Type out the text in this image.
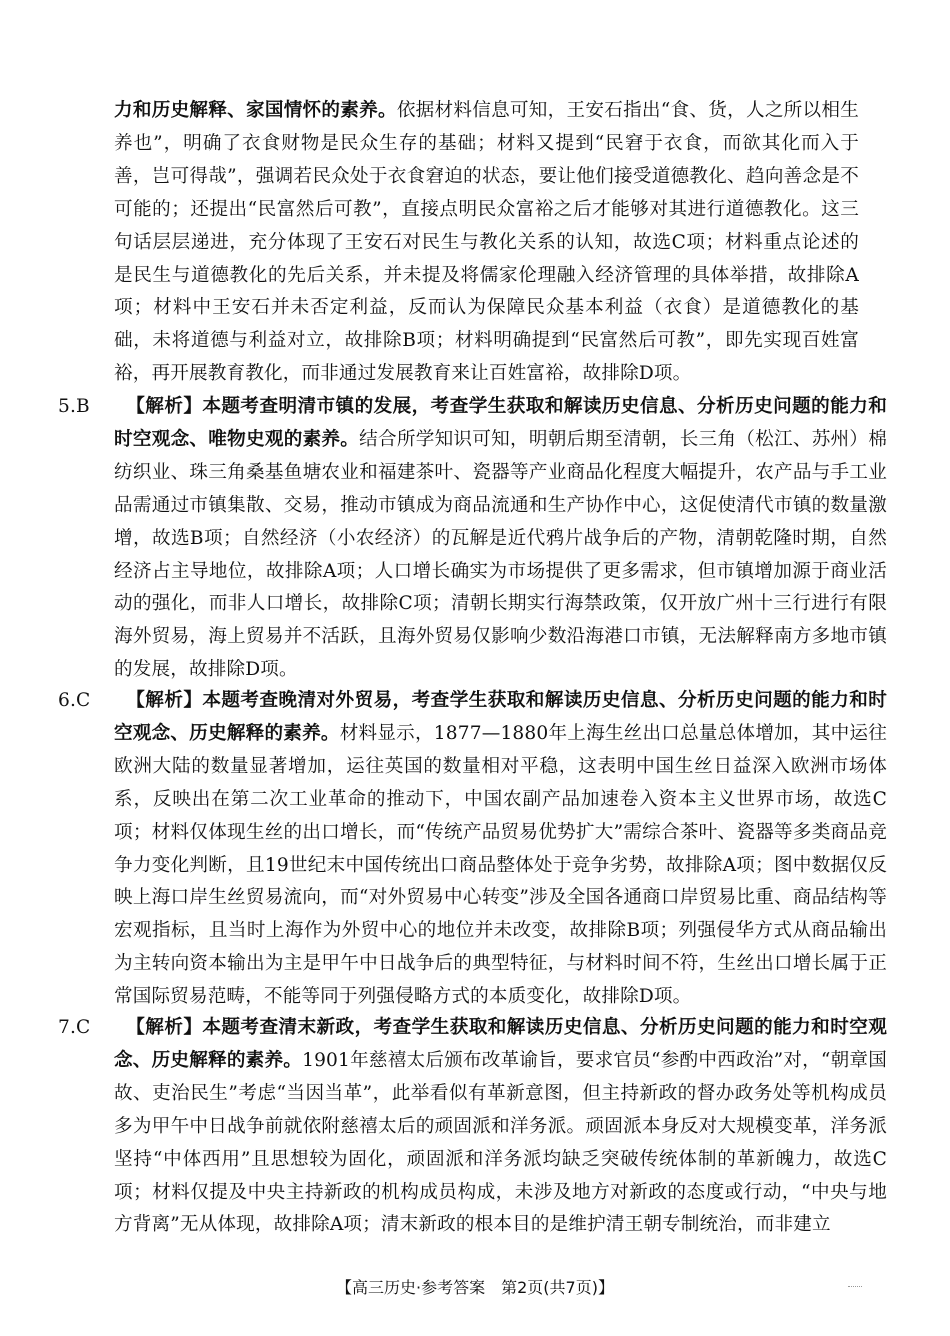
力和历史解释、家国情怀的素养。依据材料信息可知，王安石指出“食、货，人之所以相生养也”，明确了衣食财物是民众生存的基础；材料又提到“民窘于衣食，而欲其化而入于善，岂可得哉”，强调若民众处于衣食窘迫的状态，要让他们接受道德教化、趋向善念是不可能的；还提出“民富然后可教”，直接点明民众富裕之后才能够对其进行道德教化。这三句话层层递进，充分体现了王安石对民生与教化关系的认知，故选C项；材料重点论述的是民生与道德教化的先后关系，并未提及将儒家伦理融入经济管理的具体举措，故排除A项；材料中王安石并未否定利益，反而认为保障民众基本利益（衣食）是道德教化的基础，未将道德与利益对立，故排除B项；材料明确提到“民富然后可教”，即先实现百姓富裕，再开展教育教化，而非通过发展教育来让百姓富裕，故排除D项。
5.B 【解析】本题考查明清市镇的发展，考查学生获取和解读历史信息、分析历史问题的能力和时空观念、唯物史观的素养。结合所学知识可知，明朝后期至清朝，长三角（松江、苏州）棉纺织业、珠三角桑基鱼塘农业和福建茶叶、瓷器等产业商品化程度大幅提升，农产品与手工业品需通过市镇集散、交易，推动市镇成为商品流通和生产协作中心，这促使清代市镇的数量激增，故选B项；自然经济（小农经济）的瓦解是近代鸦片战争后的产物，清朝乾隆时期，自然经济占主导地位，故排除A项；人口增长确实为市场提供了更多需求，但市镇增加源于商业活动的强化，而非人口增长，故排除C项；清朝长期实行海禁政策，仅开放广州十三行进行有限海外贸易，海上贸易并不活跃，且海外贸易仅影响少数沿海港口市镇，无法解释南方多地市镇的发展，故排除D项。
6.C 【解析】本题考查晚清对外贸易，考查学生获取和解读历史信息、分析历史问题的能力和时空观念、历史解释的素养。材料显示，1877—1880年上海生丝出口总量总体增加，其中运往欧洲大陆的数量显著增加，运往英国的数量相对平稳，这表明中国生丝日益深入欧洲市场体系，反映出在第二次工业革命的推动下，中国农副产品加速卷入资本主义世界市场，故选C项；材料仅体现生丝的出口增长，而“传统产品贸易优势扩大”需综合茶叶、瓷器等多类商品竞争力变化判断，且19世纪末中国传统出口商品整体处于竞争劣势，故排除A项；图中数据仅反映上海口岸生丝贸易流向，而“对外贸易中心转变”涉及全国各通商口岸贸易比重、商品结构等宏观指标，且当时上海作为外贸中心的地位并未改变，故排除B项；列强侵华方式从商品输出为主转向资本输出为主是甲午中日战争后的典型特征，与材料时间不符，生丝出口增长属于正常国际贸易范畴，不能等同于列强侵略方式的本质变化，故排除D项。
7.C 【解析】本题考查清末新政，考查学生获取和解读历史信息、分析历史问题的能力和时空观念、历史解释的素养。1901年慈禧太后颁布改革谕旨，要求官员“参酌中西政治”对，“朝章国故、吏治民生”考虑“当因当革”，此举看似有革新意图，但主持新政的督办政务处等机构成员多为甲午中日战争前就依附慈禧太后的顽固派和洋务派。顽固派本身反对大规模变革，洋务派坚持“中体西用”且思想较为固化，顽固派和洋务派均缺乏突破传统体制的革新魄力，故选C项；材料仅提及中央主持新政的机构成员构成，未涉及地方对新政的态度或行动，“中央与地方背离”无从体现，故排除A项；清末新政的根本目的是维护清王朝专制统治，而非建立
【高三历史·参考答案　第2页(共7页)】
